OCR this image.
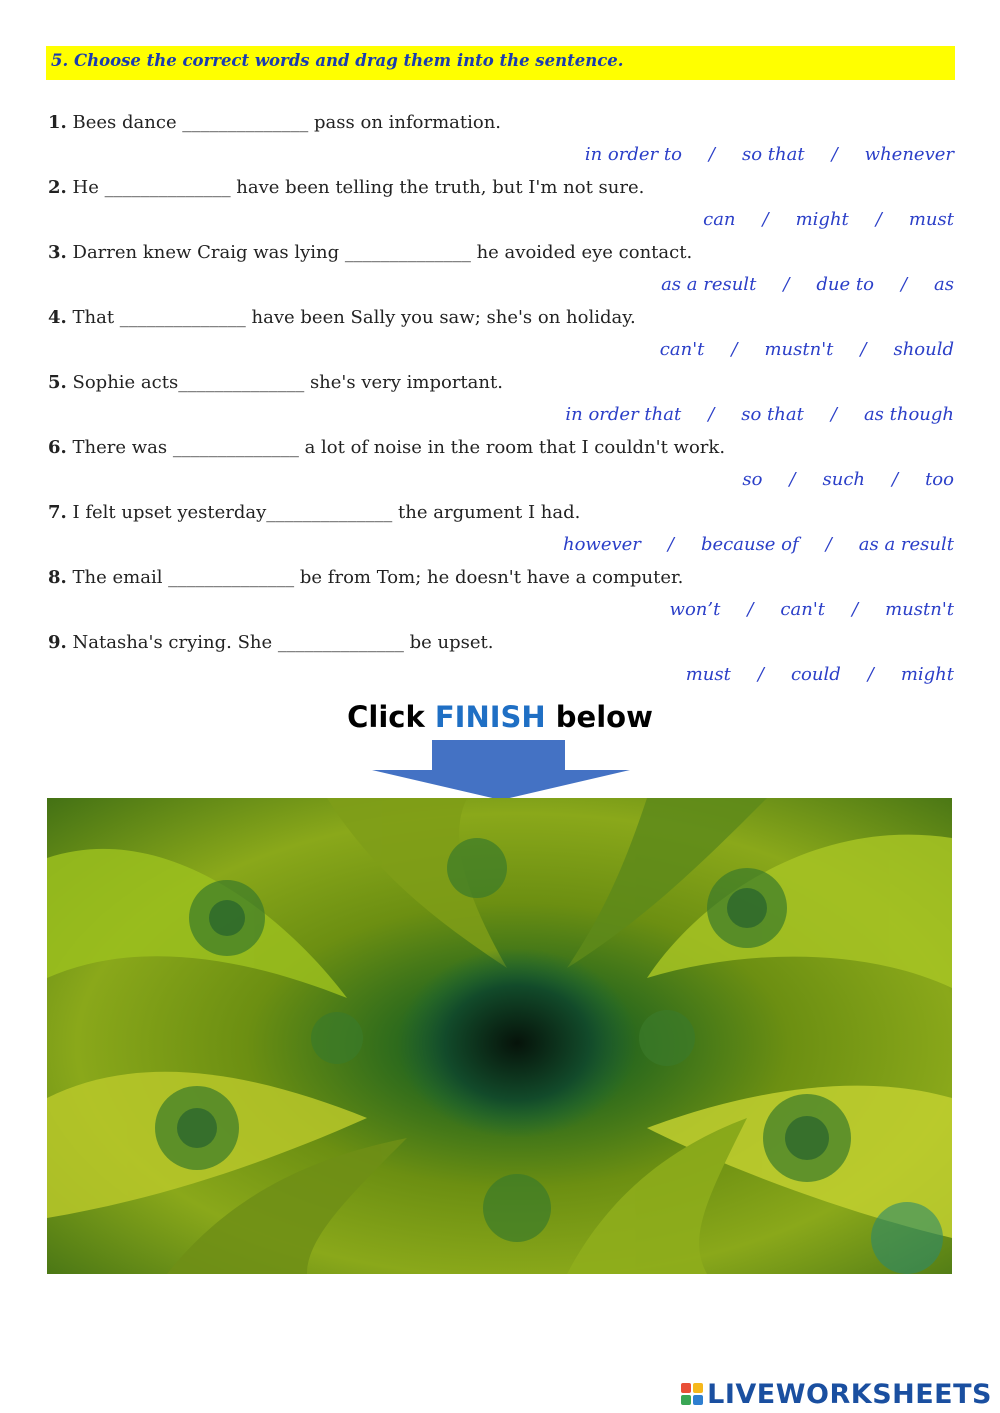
5. Choose the correct words and drag them into the sentence.
1. Bees dance ______________ pass on information.
in order to / so that / whenever
2. He ______________ have been telling the truth, but I'm not sure.
can / might / must
3. Darren knew Craig was lying ______________ he avoided eye contact.
as a result / due to / as
4. That ______________ have been Sally you saw; she's on holiday.
can't / mustn't / should
5. Sophie acts______________ she's very important.
in order that / so that / as though
6. There was ______________ a lot of noise in the room that I couldn't work.
so / such / too
7. I felt upset yesterday______________ the argument I had.
however / because of / as a result
8. The email ______________ be from Tom; he doesn't have a computer.
won’t / can't / mustn't
9. Natasha's crying. She ______________ be upset.
must / could / might
Click FINISH below
LIVEWORKSHEETS
